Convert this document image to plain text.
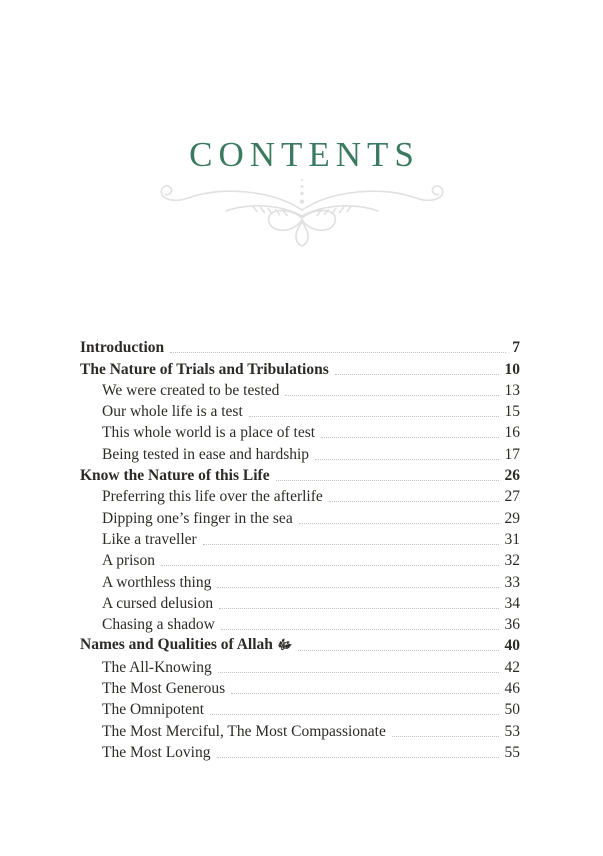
CONTENTS
Introduction	7
The Nature of Trials and Tribulations	10
We were created to be tested	13
Our whole life is a test	15
This whole world is a place of test	16
Being tested in ease and hardship	17
Know the Nature of this Life	26
Preferring this life over the afterlife	27
Dipping one’s finger in the sea	29
Like a traveller	31
A prison	32
A worthless thing	33
A cursed delusion	34
Chasing a shadow	36
Names and Qualities of Allah ﷻ	40
The All-Knowing	42
The Most Generous	46
The Omnipotent	50
The Most Merciful, The Most Compassionate	53
The Most Loving	55
